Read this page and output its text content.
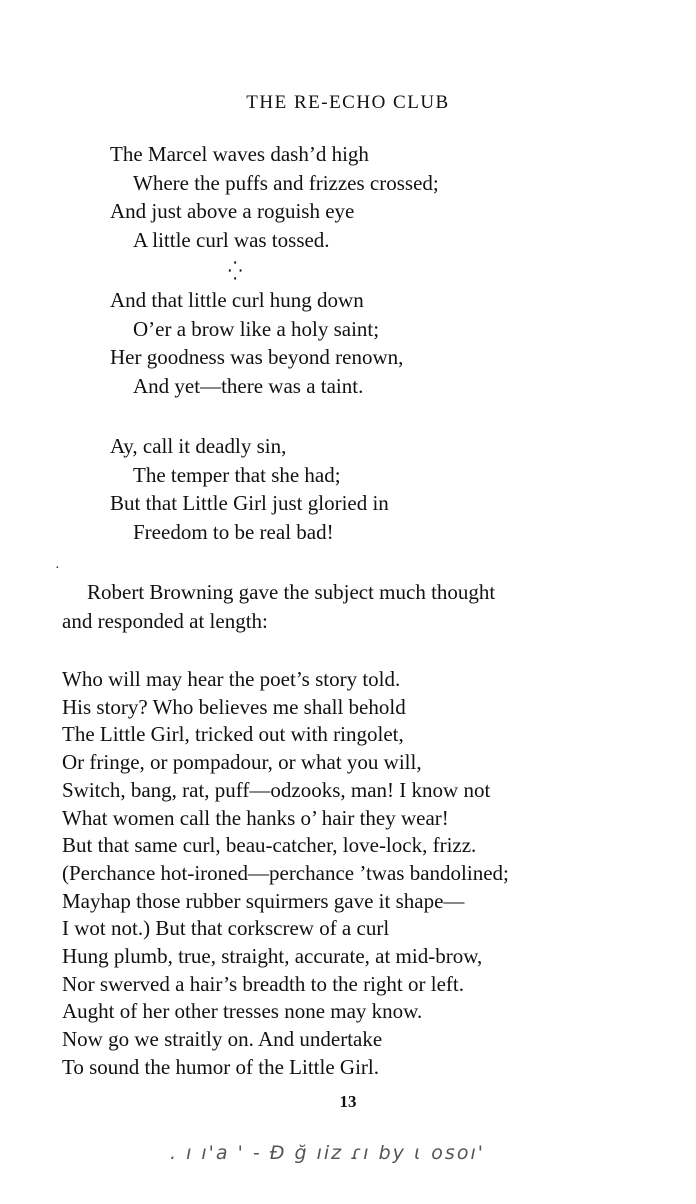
THE RE-ECHO CLUB
The Marcel waves dash’d high
Where the puffs and frizzes crossed;
And just above a roguish eye
A little curl was tossed.
⁛
And that little curl hung down
O’er a brow like a holy saint;
Her goodness was beyond renown,
And yet—there was a taint.
Ay, call it deadly sin,
The temper that she had;
But that Little Girl just gloried in
Freedom to be real bad!
·
Robert Browning gave the subject much thought
and responded at length:
Who will may hear the poet’s story told.
His story? Who believes me shall behold
The Little Girl, tricked out with ringolet,
Or fringe, or pompadour, or what you will,
Switch, bang, rat, puff—odzooks, man! I know not
What women call the hanks o’ hair they wear!
But that same curl, beau-catcher, love-lock, frizz.
(Perchance hot-ironed—perchance ’twas bandolined;
Mayhap those rubber squirmers gave it shape—
I wot not.) But that corkscrew of a curl
Hung plumb, true, straight, accurate, at mid-brow,
Nor swerved a hair’s breadth to the right or left.
Aught of her other tresses none may know.
Now go we straitly on. And undertake
To sound the humor of the Little Girl.
13
. ı ı'a ' - Ð ğ ıiz ɾı by ɩ osoı'
